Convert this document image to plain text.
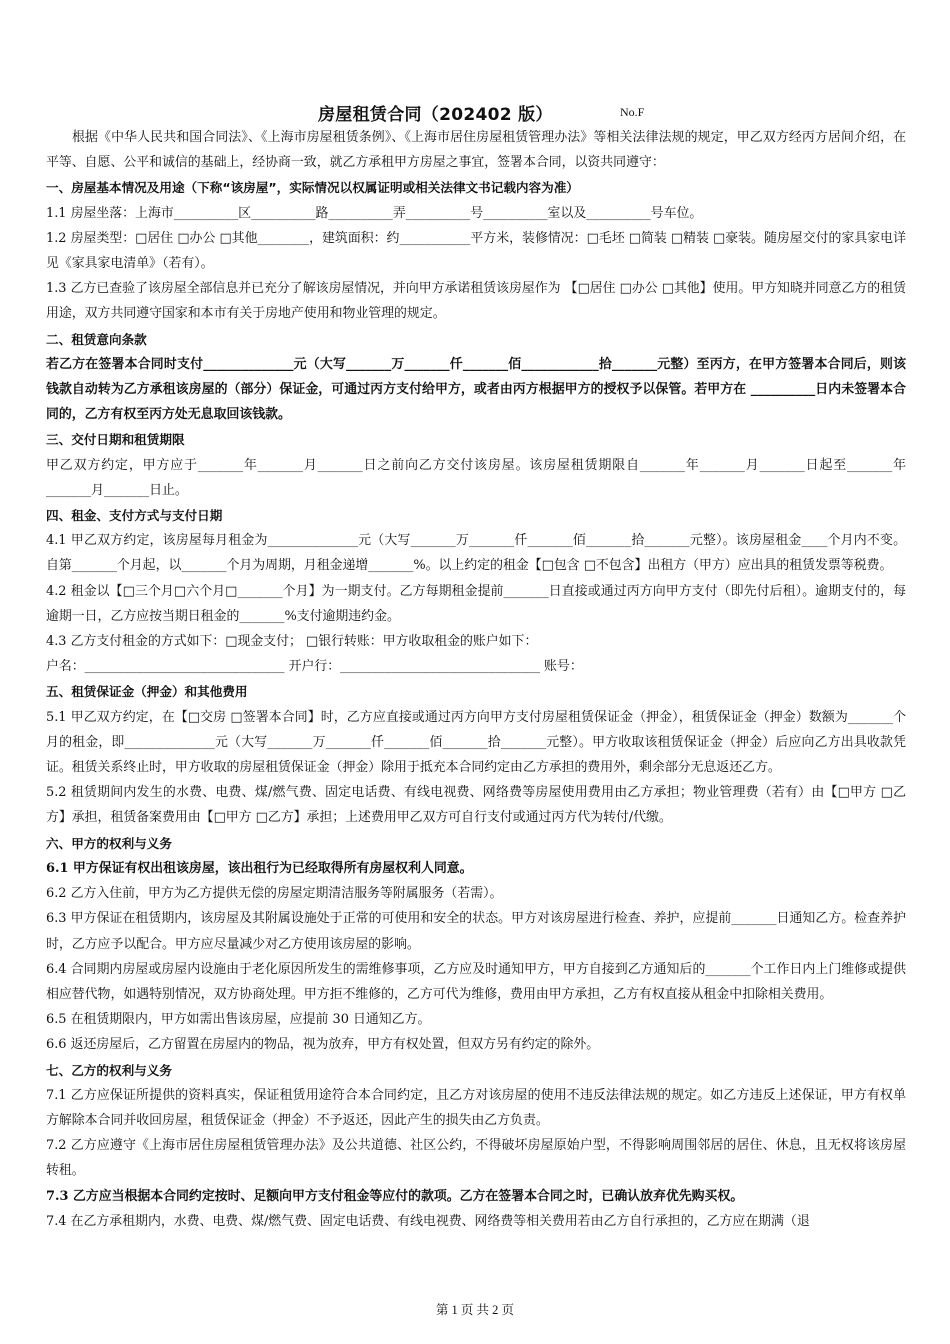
房屋租赁合同（202402 版）	No.F

根据《中华人民共和国合同法》、《上海市房屋租赁条例》、《上海市居住房屋租赁管理办法》等相关法律法规的规定，甲乙双方经丙方居间介绍，在平等、自愿、公平和诚信的基础上，经协商一致，就乙方承租甲方房屋之事宜，签署本合同，以资共同遵守：

一、房屋基本情况及用途（下称“该房屋”，实际情况以权属证明或相关法律文书记载内容为准）

1.1 房屋坐落：上海市__________区__________路__________弄__________号__________室以及__________号车位。

1.2 房屋类型：□居住 □办公 □其他________，建筑面积：约___________平方米，装修情况：□毛坯 □简装 □精装 □豪装。随房屋交付的家具家电详见《家具家电清单》（若有）。

1.3 乙方已查验了该房屋全部信息并已充分了解该房屋情况，并向甲方承诺租赁该房屋作为 【□居住 □办公 □其他】使用。甲方知晓并同意乙方的租赁用途，双方共同遵守国家和本市有关于房地产使用和物业管理的规定。

二、租赁意向条款

若乙方在签署本合同时支付______________元（大写_______万_______仟_______佰____________拾_______元整）至丙方，在甲方签署本合同后，则该钱款自动转为乙方承租该房屋的（部分）保证金，可通过丙方支付给甲方，或者由丙方根据甲方的授权予以保管。若甲方在 __________日内未签署本合同的，乙方有权至丙方处无息取回该钱款。

三、交付日期和租赁期限

甲乙双方约定，甲方应于_______年_______月_______日之前向乙方交付该房屋。该房屋租赁期限自_______年_______月_______日起至_______年_______月_______日止。

四、租金、支付方式与支付日期

4.1 甲乙双方约定，该房屋每月租金为______________元（大写_______万_______仟_______佰_______拾_______元整）。该房屋租金____个月内不变。自第_______个月起，以_______个月为周期，月租金递增_______%。以上约定的租金【□包含 □不包含】出租方（甲方）应出具的租赁发票等税费。

4.2 租金以【□三个月□六个月□_______个月】为一期支付。乙方每期租金提前_______日直接或通过丙方向甲方支付（即先付后租）。逾期支付的，每逾期一日，乙方应按当期日租金的_______%支付逾期违约金。

4.3 乙方支付租金的方式如下：□现金支付； □银行转账：甲方收取租金的账户如下：

户名：_______________________________ 开户行：_______________________________ 账号：

五、租赁保证金（押金）和其他费用

5.1 甲乙双方约定，在【□交房 □签署本合同】时，乙方应直接或通过丙方向甲方支付房屋租赁保证金（押金），租赁保证金（押金）数额为_______个月的租金，即______________元（大写_______万_______仟_______佰_______拾_______元整）。甲方收取该租赁保证金（押金）后应向乙方出具收款凭证。租赁关系终止时，甲方收取的房屋租赁保证金（押金）除用于抵充本合同约定由乙方承担的费用外，剩余部分无息返还乙方。

5.2 租赁期间内发生的水费、电费、煤/燃气费、固定电话费、有线电视费、网络费等房屋使用费用由乙方承担；物业管理费（若有）由【□甲方 □乙方】承担，租赁备案费用由【□甲方 □乙方】承担；上述费用甲乙双方可自行支付或通过丙方代为转付/代缴。

六、甲方的权利与义务

6.1 甲方保证有权出租该房屋，该出租行为已经取得所有房屋权利人同意。

6.2 乙方入住前，甲方为乙方提供无偿的房屋定期清洁服务等附属服务（若需）。

6.3 甲方保证在租赁期内，该房屋及其附属设施处于正常的可使用和安全的状态。甲方对该房屋进行检查、养护，应提前_______日通知乙方。检查养护时，乙方应予以配合。甲方应尽量减少对乙方使用该房屋的影响。

6.4 合同期内房屋或房屋内设施由于老化原因所发生的需维修事项，乙方应及时通知甲方，甲方自接到乙方通知后的_______个工作日内上门维修或提供相应替代物，如遇特别情况，双方协商处理。甲方拒不维修的，乙方可代为维修，费用由甲方承担，乙方有权直接从租金中扣除相关费用。

6.5 在租赁期限内，甲方如需出售该房屋，应提前 30 日通知乙方。

6.6 返还房屋后，乙方留置在房屋内的物品，视为放弃，甲方有权处置，但双方另有约定的除外。

七、乙方的权利与义务

7.1 乙方应保证所提供的资料真实，保证租赁用途符合本合同约定，且乙方对该房屋的使用不违反法律法规的规定。如乙方违反上述保证，甲方有权单方解除本合同并收回房屋，租赁保证金（押金）不予返还，因此产生的损失由乙方负责。

7.2 乙方应遵守《上海市居住房屋租赁管理办法》及公共道德、社区公约，不得破坏房屋原始户型，不得影响周围邻居的居住、休息，且无权将该房屋转租。

7.3 乙方应当根据本合同约定按时、足额向甲方支付租金等应付的款项。乙方在签署本合同之时，已确认放弃优先购买权。

7.4 在乙方承租期内，水费、电费、煤/燃气费、固定电话费、有线电视费、网络费等相关费用若由乙方自行承担的，乙方应在期满（退

第 1 页 共 2 页
